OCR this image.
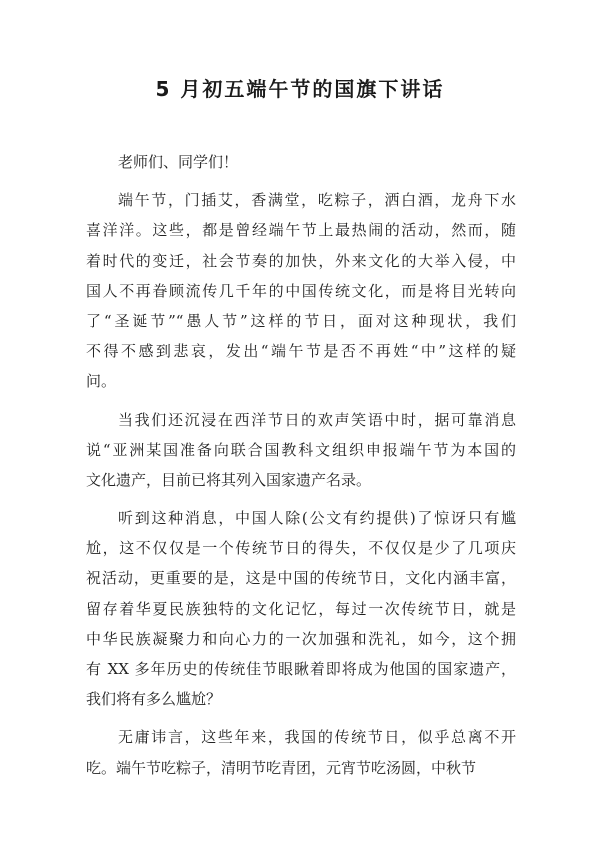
5 月初五端午节的国旗下讲话
老师们、同学们！
端午节，门插艾，香满堂，吃粽子，洒白酒，龙舟下水
喜洋洋。这些，都是曾经端午节上最热闹的活动，然而，随
着时代的变迁，社会节奏的加快，外来文化的大举入侵，中
国人不再眷顾流传几千年的中国传统文化，而是将目光转向
了“圣诞节”“愚人节”这样的节日，面对这种现状，我们
不得不感到悲哀，发出“端午节是否不再姓“中”这样的疑
问。
当我们还沉浸在西洋节日的欢声笑语中时，据可靠消息
说“亚洲某国准备向联合国教科文组织申报端午节为本国的
文化遗产，目前已将其列入国家遗产名录。
听到这种消息，中国人除(公文有约提供)了惊讶只有尴
尬，这不仅仅是一个传统节日的得失，不仅仅是少了几项庆
祝活动，更重要的是，这是中国的传统节日，文化内涵丰富，
留存着华夏民族独特的文化记忆，每过一次传统节日，就是
中华民族凝聚力和向心力的一次加强和洗礼，如今，这个拥
有 XX 多年历史的传统佳节眼瞅着即将成为他国的国家遗产，
我们将有多么尴尬？
无庸讳言，这些年来，我国的传统节日，似乎总离不开
吃。端午节吃粽子，清明节吃青团，元宵节吃汤圆，中秋节
